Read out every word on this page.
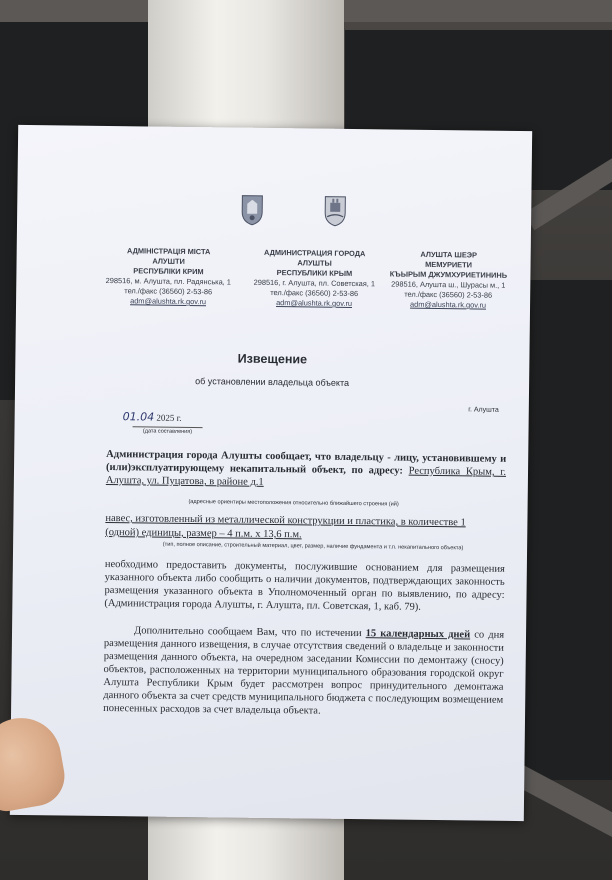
АДМІНІСТРАЦІЯ МІСТА
АЛУШТИ
РЕСПУБЛІКИ КРИМ
298516, м. Алушта, пл. Радянська, 1
тел./факс (36560) 2-53-86
adm@alushta.rk.gov.ru
АДМИНИСТРАЦИЯ ГОРОДА
АЛУШТЫ
РЕСПУБЛИКИ КРЫМ
298516, г. Алушта, пл. Советская, 1
тел./факс (36560) 2-53-86
adm@alushta.rk.gov.ru
АЛУШТА ШЕЭР
МЕМУРИЕТИ
КЪЫРЫМ ДЖУМХУРИЕТИНИНЬ
298516, Алушта ш., Шурасы м., 1
тел./факс (36560) 2-53-86
adm@alushta.rk.gov.ru
Извещение
об установлении владельца объекта
г. Алушта
01.04 2025 г.
(дата составления)
Администрация города Алушты сообщает, что владельцу - лицу, установившему и (или)эксплуатирующему некапитальный объект, по адресу: Республика Крым, г. Алушта, ул. Пуцатова, в районе д.1
(адресные ориентиры местоположения относительно ближайшего строения (ий)
навес, изготовленный из металлической конструкции и пластика, в количестве 1
(одной) единицы, размер – 4 п.м. х 13,6 п.м.
(тип, полное описание, строительный материал, цвет, размер, наличие фундамента и т.п. некапитального объекта)
необходимо предоставить документы, послужившие основанием для размещения указанного объекта либо сообщить о наличии документов, подтверждающих законность размещения указанного объекта в Уполномоченный орган по выявлению, по адресу: (Администрация города Алушты, г. Алушта, пл. Советская, 1, каб. 79).
Дополнительно сообщаем Вам, что по истечении 15 календарных дней со дня размещения данного извещения, в случае отсутствия сведений о владельце и законности размещения данного объекта, на очередном заседании Комиссии по демонтажу (сносу) объектов, расположенных на территории муниципального образования городской округ Алушта Республики Крым будет рассмотрен вопрос принудительного демонтажа данного объекта за счет средств муниципального бюджета с последующим возмещением понесенных расходов за счет владельца объекта.
